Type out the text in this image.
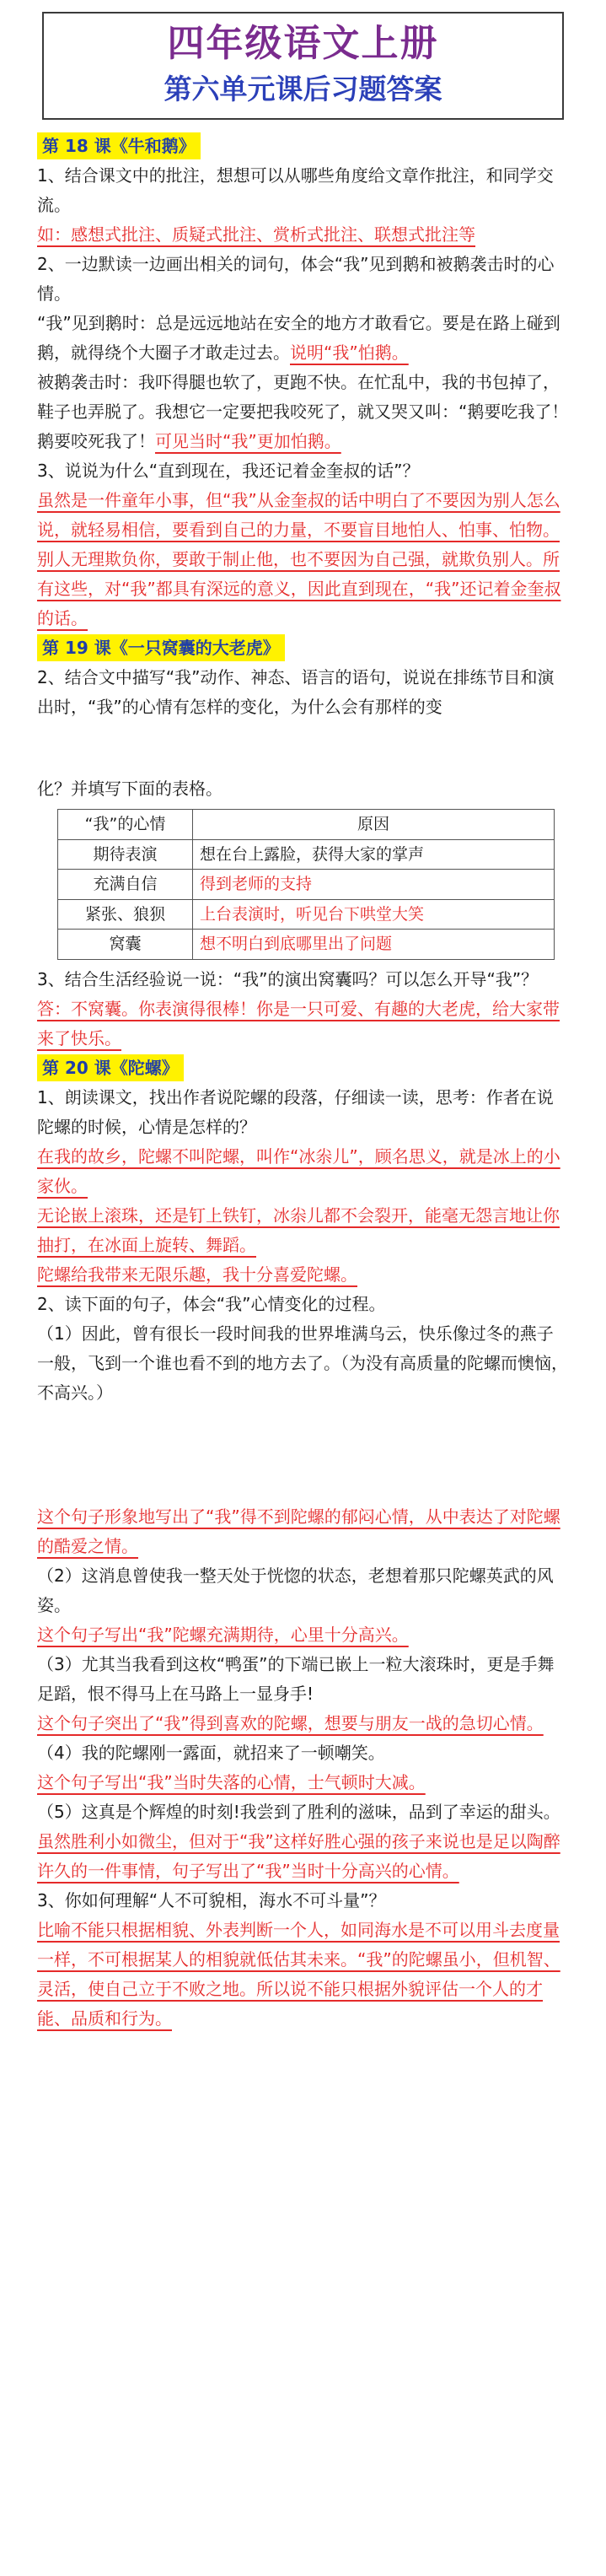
四年级语文上册
第六单元课后习题答案
第 18 课《牛和鹅》

1、结合课文中的批注，想想可以从哪些角度给文章作批注，和同学交流。

如：感想式批注、质疑式批注、赏析式批注、联想式批注等

2、一边默读一边画出相关的词句，体会“我”见到鹅和被鹅袭击时的心情。

“我”见到鹅时：总是远远地站在安全的地方才敢看它。要是在路上碰到鹅，就得绕个大圈子才敢走过去。说明“我”怕鹅。

被鹅袭击时：我吓得腿也软了，更跑不快。在忙乱中，我的书包掉了，鞋子也弄脱了。我想它一定要把我咬死了，就又哭又叫：“鹅要吃我了！鹅要咬死我了！可见当时“我”更加怕鹅。

3、说说为什么“直到现在，我还记着金奎叔的话”？

虽然是一件童年小事，但“我”从金奎叔的话中明白了不要因为别人怎么说，就轻易相信，要看到自己的力量，不要盲目地怕人、怕事、怕物。别人无理欺负你，要敢于制止他，也不要因为自己强，就欺负别人。所有这些，对“我”都具有深远的意义，因此直到现在，“我”还记着金奎叔的话。

第 19 课《一只窝囊的大老虎》

2、结合文中描写“我”动作、神态、语言的语句，说说在排练节目和演出时，“我”的心情有怎样的变化，为什么会有那样的变

化？并填写下面的表格。

“我”的心情	原因
期待表演	想在台上露脸，获得大家的掌声
充满自信	得到老师的支持
紧张、狼狈	上台表演时，听见台下哄堂大笑
窝囊	想不明白到底哪里出了问题

3、结合生活经验说一说：“我”的演出窝囊吗？可以怎么开导“我”？

答：不窝囊。你表演得很棒！你是一只可爱、有趣的大老虎，给大家带来了快乐。

第 20 课《陀螺》

1、朗读课文，找出作者说陀螺的段落，仔细读一读，思考：作者在说陀螺的时候，心情是怎样的？

在我的故乡，陀螺不叫陀螺，叫作“冰尜儿”，顾名思义，就是冰上的小家伙。

无论嵌上滚珠，还是钉上铁钉，冰尜儿都不会裂开，能毫无怨言地让你抽打，在冰面上旋转、舞蹈。

陀螺给我带来无限乐趣，我十分喜爱陀螺。

2、读下面的句子，体会“我”心情变化的过程。

（1）因此，曾有很长一段时间我的世界堆满乌云，快乐像过冬的燕子一般，飞到一个谁也看不到的地方去了。（为没有高质量的陀螺而懊恼，不高兴。）

这个句子形象地写出了“我”得不到陀螺的郁闷心情，从中表达了对陀螺的酷爱之情。

（2）这消息曾使我一整天处于恍惚的状态，老想着那只陀螺英武的风姿。

这个句子写出“我”陀螺充满期待，心里十分高兴。

（3）尤其当我看到这枚“鸭蛋”的下端已嵌上一粒大滚珠时，更是手舞足蹈，恨不得马上在马路上一显身手!

这个句子突出了“我”得到喜欢的陀螺，想要与朋友一战的急切心情。

（4）我的陀螺刚一露面，就招来了一顿嘲笑。

这个句子写出“我”当时失落的心情，士气顿时大减。

（5）这真是个辉煌的时刻!我尝到了胜利的滋味，品到了幸运的甜头。

虽然胜利小如微尘，但对于“我”这样好胜心强的孩子来说也是足以陶醉许久的一件事情，句子写出了“我”当时十分高兴的心情。

3、你如何理解“人不可貌相，海水不可斗量”？

比喻不能只根据相貌、外表判断一个人，如同海水是不可以用斗去度量一样，不可根据某人的相貌就低估其未来。“我”的陀螺虽小，但机智、灵活，使自己立于不败之地。所以说不能只根据外貌评估一个人的才能、品质和行为。
